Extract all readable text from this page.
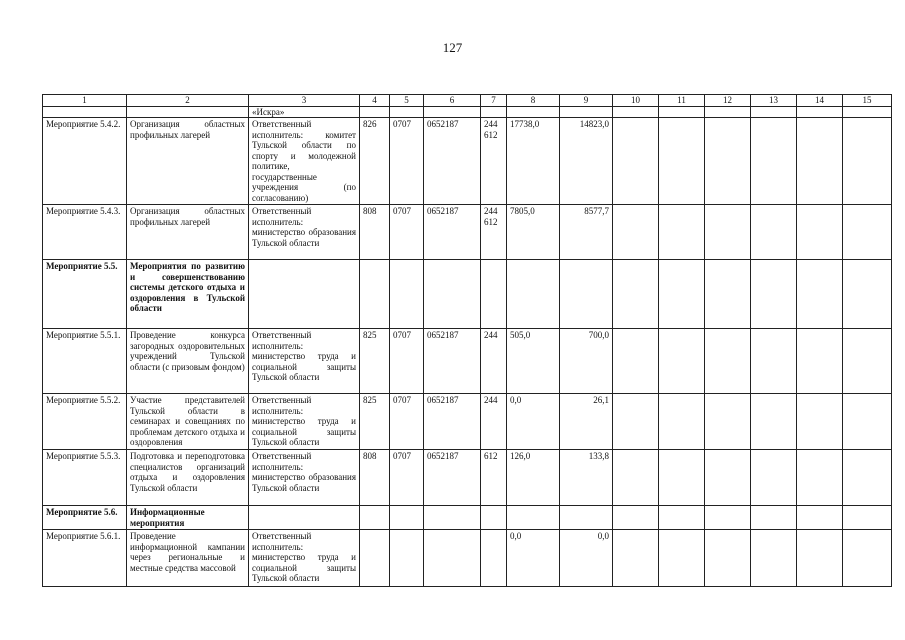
127
1	2	3	4	5	6	7	8	9	10	11	12	13	14	15
		«Искра»												
Мероприятие 5.4.2.	Организация областных профильных лагерей	Ответственный исполнитель: комитет Тульской области по спорту и молодежной политике, государственные учреждения (по согласованию)	826	0707	0652187	244 612	17738,0	14823,0						
Мероприятие 5.4.3.	Организация областных профильных лагерей	Ответственный исполнитель: министерство образования Тульской области	808	0707	0652187	244 612	7805,0	8577,7						
Мероприятие 5.5.	Мероприятия по развитию и совершенствованию системы детского отдыха и оздоровления в Тульской области													
Мероприятие 5.5.1.	Проведение конкурса загородных оздоровительных учреждений Тульской области (с призовым фондом)	Ответственный исполнитель: министерство труда и социальной защиты Тульской области	825	0707	0652187	244	505,0	700,0						
Мероприятие 5.5.2.	Участие представителей Тульской области в семинарах и совещаниях по проблемам детского отдыха и оздоровления	Ответственный исполнитель: министерство труда и социальной защиты Тульской области	825	0707	0652187	244	0,0	26,1						
Мероприятие 5.5.3.	Подготовка и переподготовка специалистов организаций отдыха и оздоровления Тульской области	Ответственный исполнитель: министерство образования Тульской области	808	0707	0652187	612	126,0	133,8						
Мероприятие 5.6.	Информационные мероприятия													
Мероприятие 5.6.1.	Проведение информационной кампании через региональные и местные средства массовой	Ответственный исполнитель: министерство труда и социальной защиты Тульской области					0,0	0,0						
